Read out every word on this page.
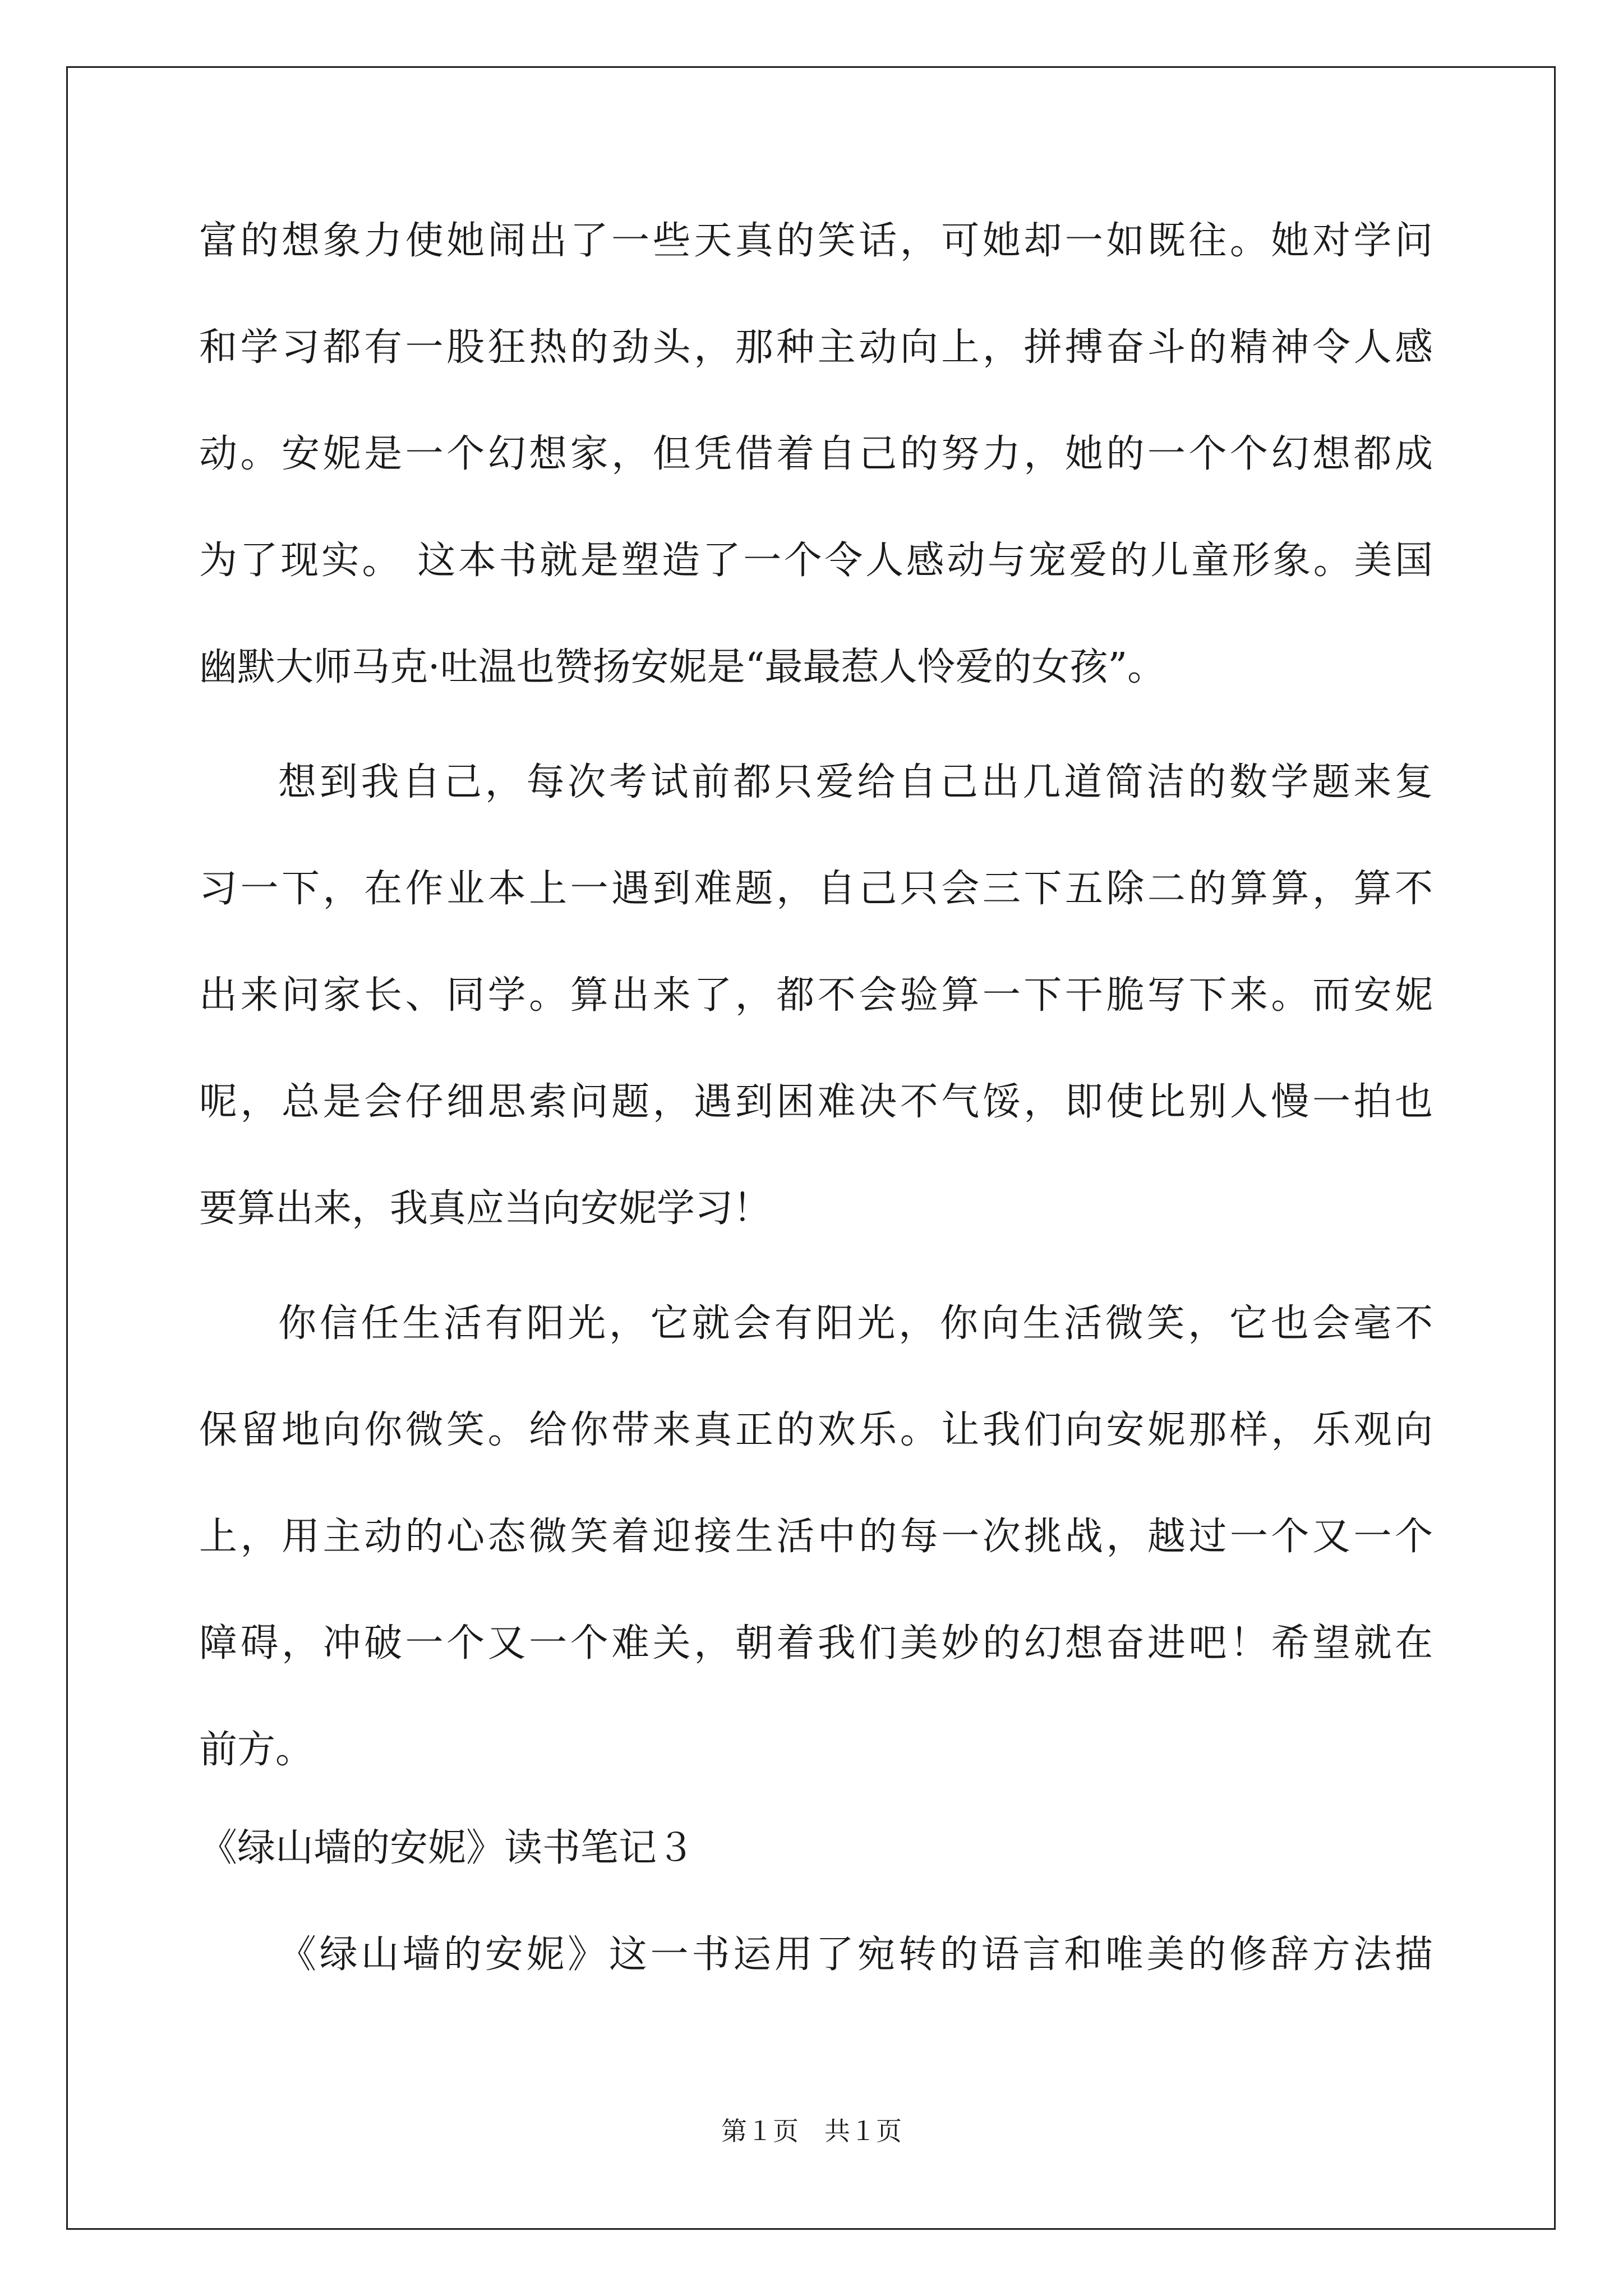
富的想象力使她闹出了一些天真的笑话，可她却一如既往。她对学问
和学习都有一股狂热的劲头，那种主动向上，拼搏奋斗的精神令人感
动。安妮是一个幻想家，但凭借着自己的努力，她的一个个幻想都成
为了现实。 这本书就是塑造了一个令人感动与宠爱的儿童形象。美国
幽默大师马克·吐温也赞扬安妮是“最最惹人怜爱的女孩”。
想到我自己，每次考试前都只爱给自己出几道简洁的数学题来复
习一下，在作业本上一遇到难题，自己只会三下五除二的算算，算不
出来问家长、同学。算出来了，都不会验算一下干脆写下来。而安妮
呢，总是会仔细思索问题，遇到困难决不气馁，即使比别人慢一拍也
要算出来，我真应当向安妮学习！
你信任生活有阳光，它就会有阳光，你向生活微笑，它也会毫不
保留地向你微笑。给你带来真正的欢乐。让我们向安妮那样，乐观向
上，用主动的心态微笑着迎接生活中的每一次挑战，越过一个又一个
障碍，冲破一个又一个难关，朝着我们美妙的幻想奋进吧！希望就在
前方。
《绿山墙的安妮》读书笔记３
《绿山墙的安妮》这一书运用了宛转的语言和唯美的修辞方法描
第１页　共１页
